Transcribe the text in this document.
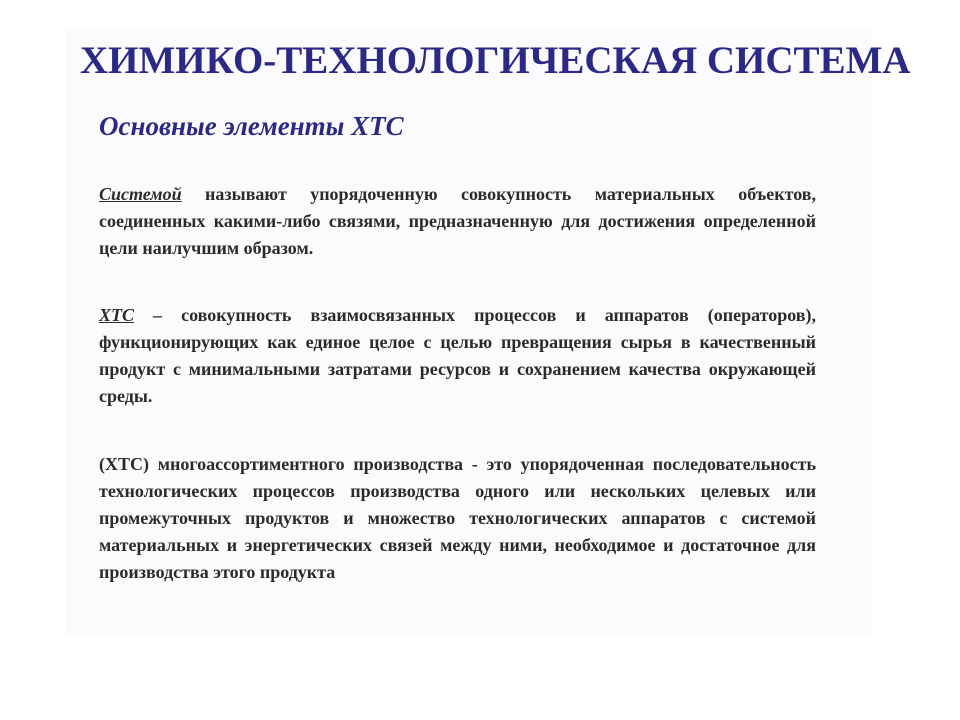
ХИМИКО-ТЕХНОЛОГИЧЕСКАЯ СИСТЕМА
Основные элементы ХТС

Системой называют упорядоченную совокупность материальных объектов, соединенных какими-либо связями, предназначенную для достижения определенной цели наилучшим образом.

ХТС – совокупность взаимосвязанных процессов и аппаратов (операторов), функционирующих как единое целое с целью превращения сырья в качественный продукт с минимальными затратами ресурсов и сохранением качества окружающей среды.

(ХТС) многоассортиментного производства - это упорядоченная последовательность технологических процессов производства одного или нескольких целевых или промежуточных продуктов и множество технологических аппаратов с системой материальных и энергетических связей между ними, необходимое и достаточное для производства этого продукта
